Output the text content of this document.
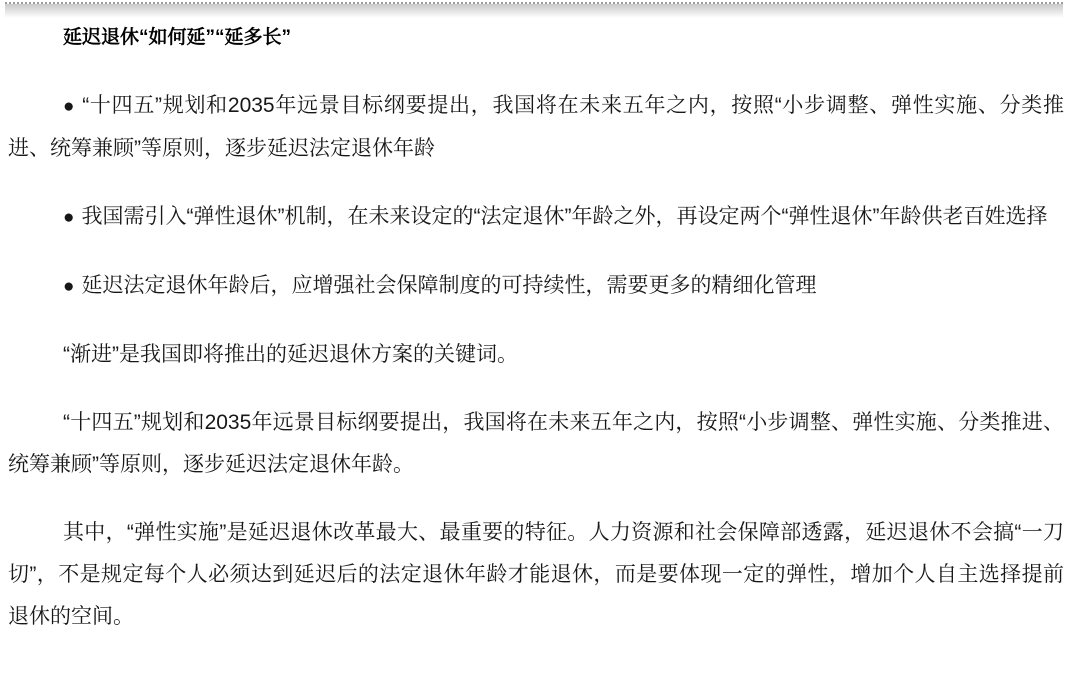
延迟退休“如何延”“延多长”

● “十四五”规划和2035年远景目标纲要提出，我国将在未来五年之内，按照“小步调整、弹性实施、分类推进、统筹兼顾”等原则，逐步延迟法定退休年龄

● 我国需引入“弹性退休”机制，在未来设定的“法定退休”年龄之外，再设定两个“弹性退休”年龄供老百姓选择

● 延迟法定退休年龄后，应增强社会保障制度的可持续性，需要更多的精细化管理

“渐进”是我国即将推出的延迟退休方案的关键词。

“十四五”规划和2035年远景目标纲要提出，我国将在未来五年之内，按照“小步调整、弹性实施、分类推进、统筹兼顾”等原则，逐步延迟法定退休年龄。

其中，“弹性实施”是延迟退休改革最大、最重要的特征。人力资源和社会保障部透露，延迟退休不会搞“一刀切”，不是规定每个人必须达到延迟后的法定退休年龄才能退休，而是要体现一定的弹性，增加个人自主选择提前退休的空间。
